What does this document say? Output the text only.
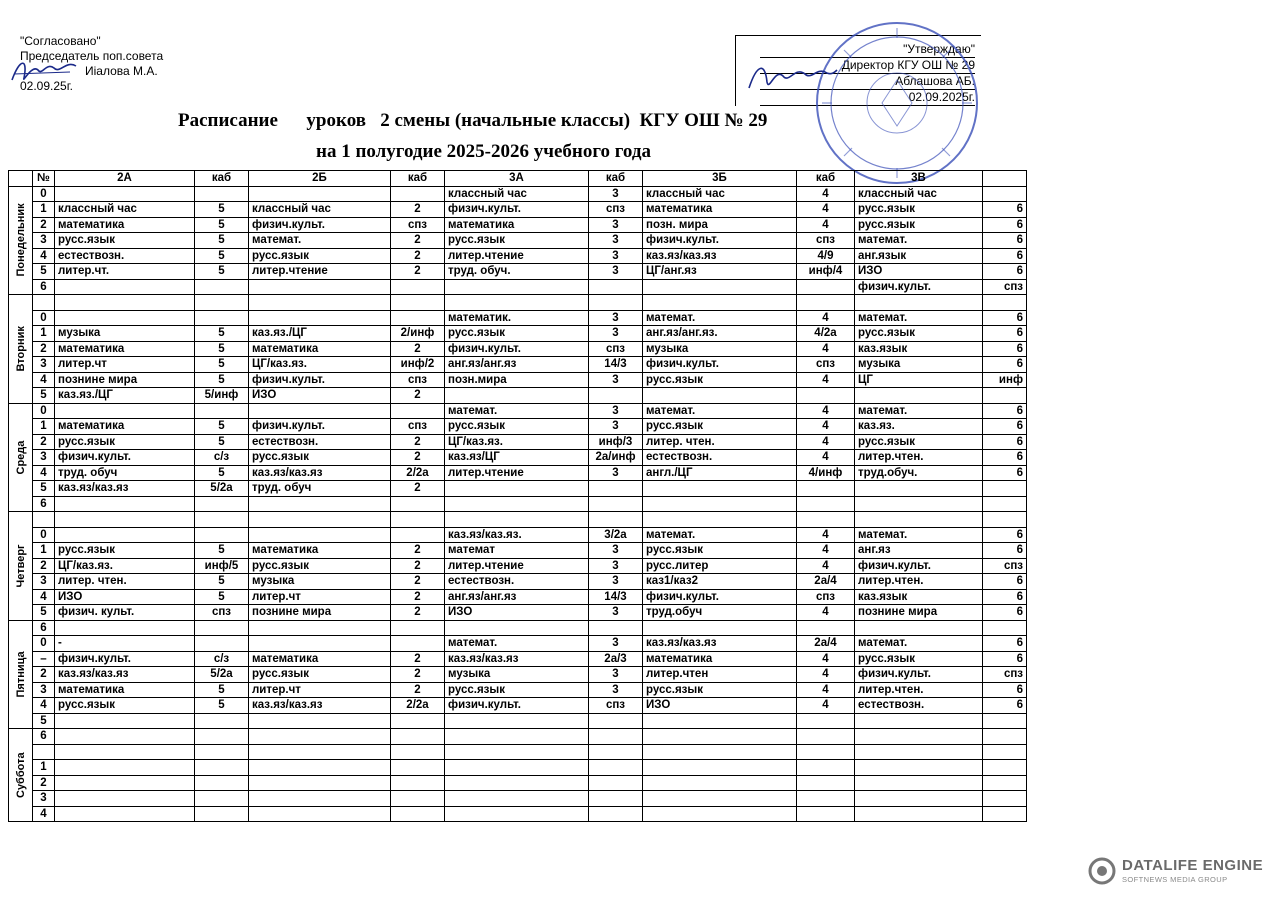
"Согласовано"
Председатель поп.совета
Иіалова М.А.
02.09.25г.
"Утверждаю"
Директор КГУ ОШ № 29
Аблашова АБ.
02.09.2025г.
Расписание      уроков   2 смены (начальные классы)  КГУ ОШ № 29
на 1 полугодие 2025-2026 учебного года
	№	2А	каб	2Б	каб	3А	каб	3Б	каб	3В	
Понедельник	0					классный час	3	классный час	4	классный час	
	1	классный час	5	классный час	2	физич.культ.	спз	математика	4	русс.язык	6
	2	математика	5	физич.культ.	спз	математика	3	позн. мира	4	русс.язык	6
	3	русс.язык	5	математ.	2	русс.язык	3	физич.культ.	спз	математ.	6
	4	естествозн.	5	русс.язык	2	литер.чтение	3	каз.яз/каз.яз	4/9	анг.язык	6
	5	литер.чт.	5	литер.чтение	2	труд. обуч.	3	ЦГ/анг.яз	инф/4	ИЗО	6
	6									физич.культ.	спз
Вторник											
	0					математик.	3	математ.	4	математ.	6
	1	музыка	5	каз.яз./ЦГ	2/инф	русс.язык	3	анг.яз/анг.яз.	4/2а	русс.язык	6
	2	математика	5	математика	2	физич.культ.	спз	музыка	4	каз.язык	6
	3	литер.чт	5	ЦГ/каз.яз.	инф/2	анг.яз/анг.яз	14/3	физич.культ.	спз	музыка	6
	4	познине мира	5	физич.культ.	спз	позн.мира	3	русс.язык	4	ЦГ	инф
	5	каз.яз./ЦГ	5/инф	ИЗО	2						
Среда	0					математ.	3	математ.	4	математ.	6
	1	математика	5	физич.культ.	спз	русс.язык	3	русс.язык	4	каз.яз.	6
	2	русс.язык	5	естествозн.	2	ЦГ/каз.яз.	инф/3	литер. чтен.	4	русс.язык	6
	3	физич.культ.	с/з	русс.язык	2	каз.яз/ЦГ	2а/инф	естествозн.	4	литер.чтен.	6
	4	труд. обуч	5	каз.яз/каз.яз	2/2а	литер.чтение	3	англ./ЦГ	4/инф	труд.обуч.	6
	5	каз.яз/каз.яз	5/2а	труд. обуч	2						
	6										
Четверг											
	0					каз.яз/каз.яз.	3/2а	математ.	4	математ.	6
	1	русс.язык	5	математика	2	математ	3	русс.язык	4	анг.яз	6
	2	ЦГ/каз.яз.	инф/5	русс.язык	2	литер.чтение	3	русс.литер	4	физич.культ.	спз
	3	литер. чтен.	5	музыка	2	естествозн.	3	каз1/каз2	2а/4	литер.чтен.	6
	4	ИЗО	5	литер.чт	2	анг.яз/анг.яз	14/3	физич.культ.	спз	каз.язык	6
	5	физич. культ.	спз	познине мира	2	ИЗО	3	труд.обуч	4	познине мира	6
Пятница	6										
	0	-				математ.	3	каз.яз/каз.яз	2а/4	математ.	6
	–	физич.культ.	с/з	математика	2	каз.яз/каз.яз	2а/3	математика	4	русс.язык	6
	2	каз.яз/каз.яз	5/2а	русс.язык	2	музыка	3	литер.чтен	4	физич.культ.	спз
	3	математика	5	литер.чт	2	русс.язык	3	русс.язык	4	литер.чтен.	6
	4	русс.язык	5	каз.яз/каз.яз	2/2а	физич.культ.	спз	ИЗО	4	естествозн.	6
	5										
Суббота	6										

	1										
	2										
	3										
	4										
DATALIFE ENGINE
SOFTNEWS MEDIA GROUP
